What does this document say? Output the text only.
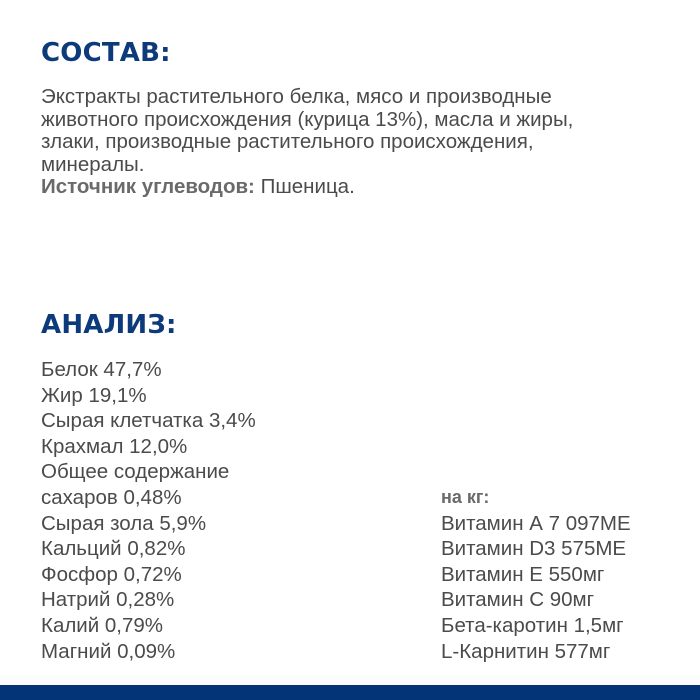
СОСТАВ:

Экстракты растительного белка, мясо и производные

животного происхождения (курица 13%), масла и жиры,

злаки, производные растительного происхождения,

минералы.

Источник углеводов: Пшеница.

АНАЛИЗ:
Белок 47,7%
Жир 19,1%
Сырая клетчатка 3,4%
Крахмал 12,0%
Общее содержание
сахаров 0,48%
Сырая зола 5,9%
Кальций 0,82%
Фосфор 0,72%
Натрий 0,28%
Калий 0,79%
Магний 0,09%
на кг:
Витамин А 7 097МЕ
Витамин D3 575МЕ
Витамин Е 550мг
Витамин С 90мг
Бета-каротин 1,5мг
L-Карнитин 577мг
